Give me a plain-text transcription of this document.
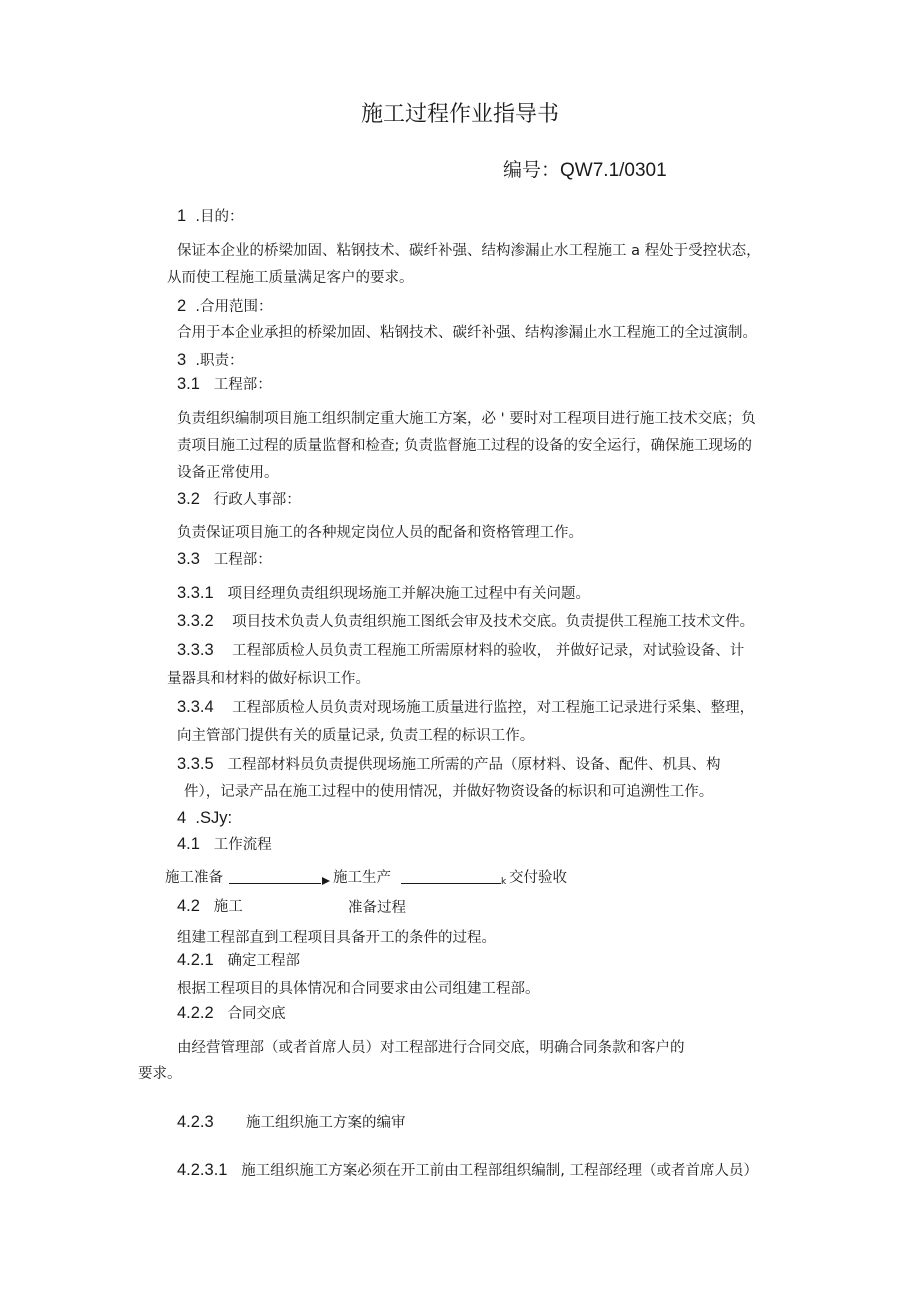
施工过程作业指导书
编号：QW7.1/0301
1 .目的：
保证本企业的桥梁加固、粘钢技术、碳纤补强、结构渗漏止水工程施工 a 程处于受控状态，
从而使工程施工质量满足客户的要求。
2 .合用范围：
合用于本企业承担的桥梁加固、粘钢技术、碳纤补强、结构渗漏止水工程施工的全过演制。
3 .职责：
3.1 工程部：
负责组织编制项目施工组织制定重大施工方案，必 ' 要时对工程项目进行施工技术交底；负
责项目施工过程的质量监督和检查; 负责监督施工过程的设备的安全运行，确保施工现场的
设备正常使用。
3.2 行政人事部：
负责保证项目施工的各种规定岗位人员的配备和资格管理工作。
3.3 工程部：
3.3.1 项目经理负责组织现场施工并解决施工过程中有关问题。
3.3.2 项目技术负责人负责组织施工图纸会审及技术交底。负责提供工程施工技术文件。
3.3.3 工程部质检人员负责工程施工所需原材料的验收， 并做好记录，对试验设备、计
量器具和材料的做好标识工作。
3.3.4 工程部质检人员负责对现场施工质量进行监控，对工程施工记录进行采集、整理，
向主管部门提供有关的质量记录, 负责工程的标识工作。
3.3.5 工程部材料员负责提供现场施工所需的产品（原材料、设备、配件、机具、构
件），记录产品在施工过程中的使用情况，并做好物资设备的标识和可追溯性工作。
4 .SJy:
4.1 工作流程
施工准备	施工生产	k 交付验收
4.2 施工	准备过程
组建工程部直到工程项目具备开工的条件的过程。
4.2.1 确定工程部
根据工程项目的具体情况和合同要求由公司组建工程部。
4.2.2 合同交底
由经营管理部（或者首席人员）对工程部进行合同交底，明确合同条款和客户的
要求。
4.2.3 施工组织施工方案的编审
4.2.3.1 施工组织施工方案必须在开工前由工程部组织编制, 工程部经理（或者首席人员）
